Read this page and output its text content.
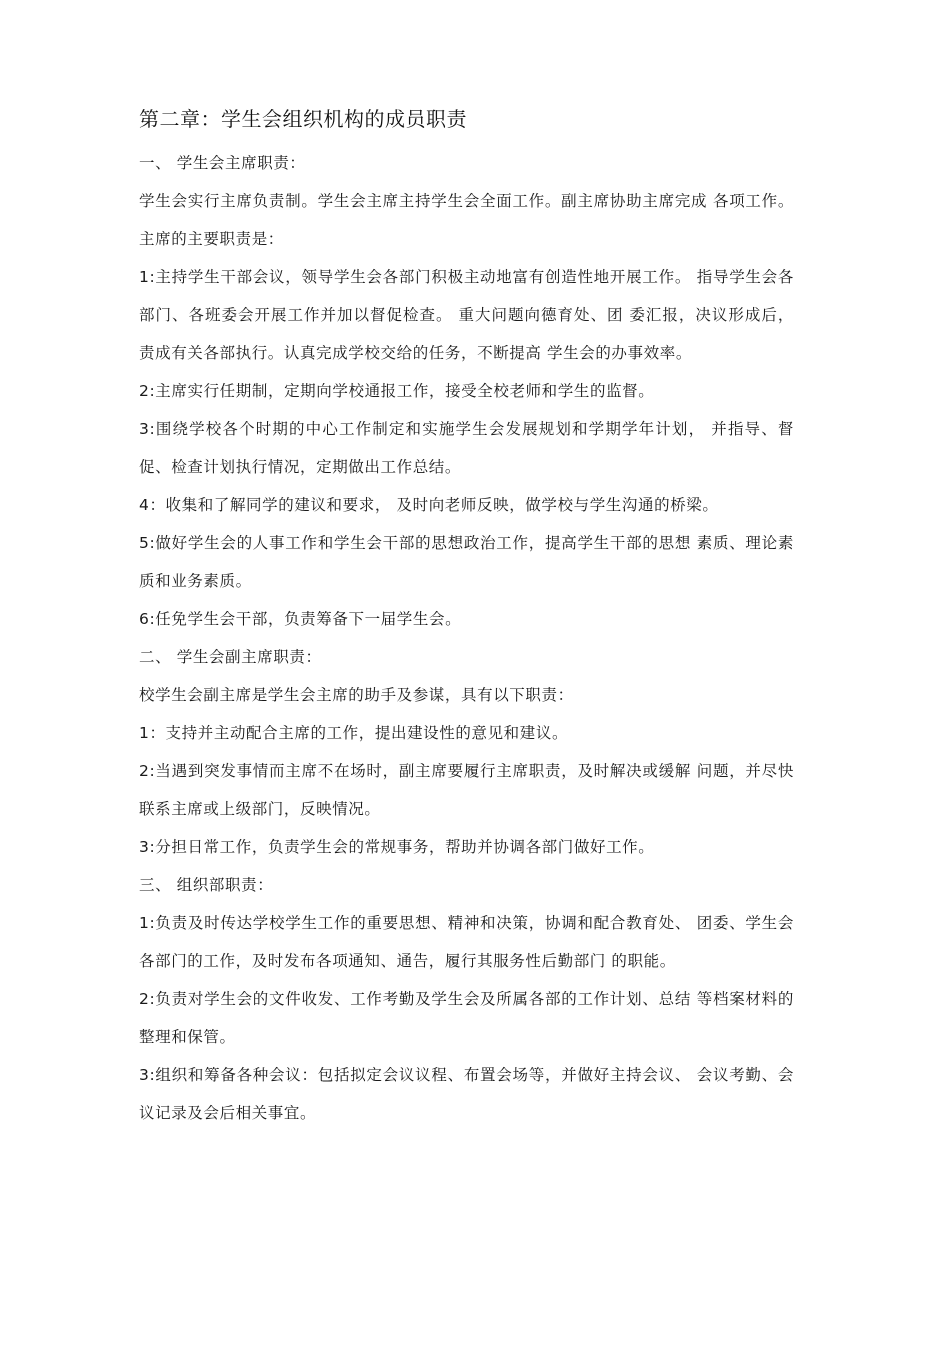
第二章：学生会组织机构的成员职责

一、 学生会主席职责：

学生会实行主席负责制。学生会主席主持学生会全面工作。副主席协助主席完成 各项工作。主席的主要职责是：

1:主持学生干部会议，领导学生会各部门积极主动地富有创造性地开展工作。 指导学生会各部门、各班委会开展工作并加以督促检查。 重大问题向德育处、团 委汇报，决议形成后，责成有关各部执行。认真完成学校交给的任务，不断提高 学生会的办事效率。

2:主席实行任期制，定期向学校通报工作，接受全校老师和学生的监督。

3:围绕学校各个时期的中心工作制定和实施学生会发展规划和学期学年计划， 并指导、督促、检查计划执行情况，定期做出工作总结。

4：收集和了解同学的建议和要求， 及时向老师反映，做学校与学生沟通的桥梁。

5:做好学生会的人事工作和学生会干部的思想政治工作，提高学生干部的思想 素质、理论素质和业务素质。

6:任免学生会干部，负责筹备下一届学生会。

二、 学生会副主席职责：

校学生会副主席是学生会主席的助手及参谋，具有以下职责：

1：支持并主动配合主席的工作，提出建设性的意见和建议。

2:当遇到突发事情而主席不在场时，副主席要履行主席职责，及时解决或缓解 问题，并尽快联系主席或上级部门，反映情况。

3:分担日常工作，负责学生会的常规事务，帮助并协调各部门做好工作。

三、 组织部职责：

1:负责及时传达学校学生工作的重要思想、精神和决策，协调和配合教育处、 团委、学生会各部门的工作，及时发布各项通知、通告，履行其服务性后勤部门 的职能。

2:负责对学生会的文件收发、工作考勤及学生会及所属各部的工作计划、总结 等档案材料的整理和保管。

3:组织和筹备各种会议：包括拟定会议议程、布置会场等，并做好主持会议、 会议考勤、会议记录及会后相关事宜。
